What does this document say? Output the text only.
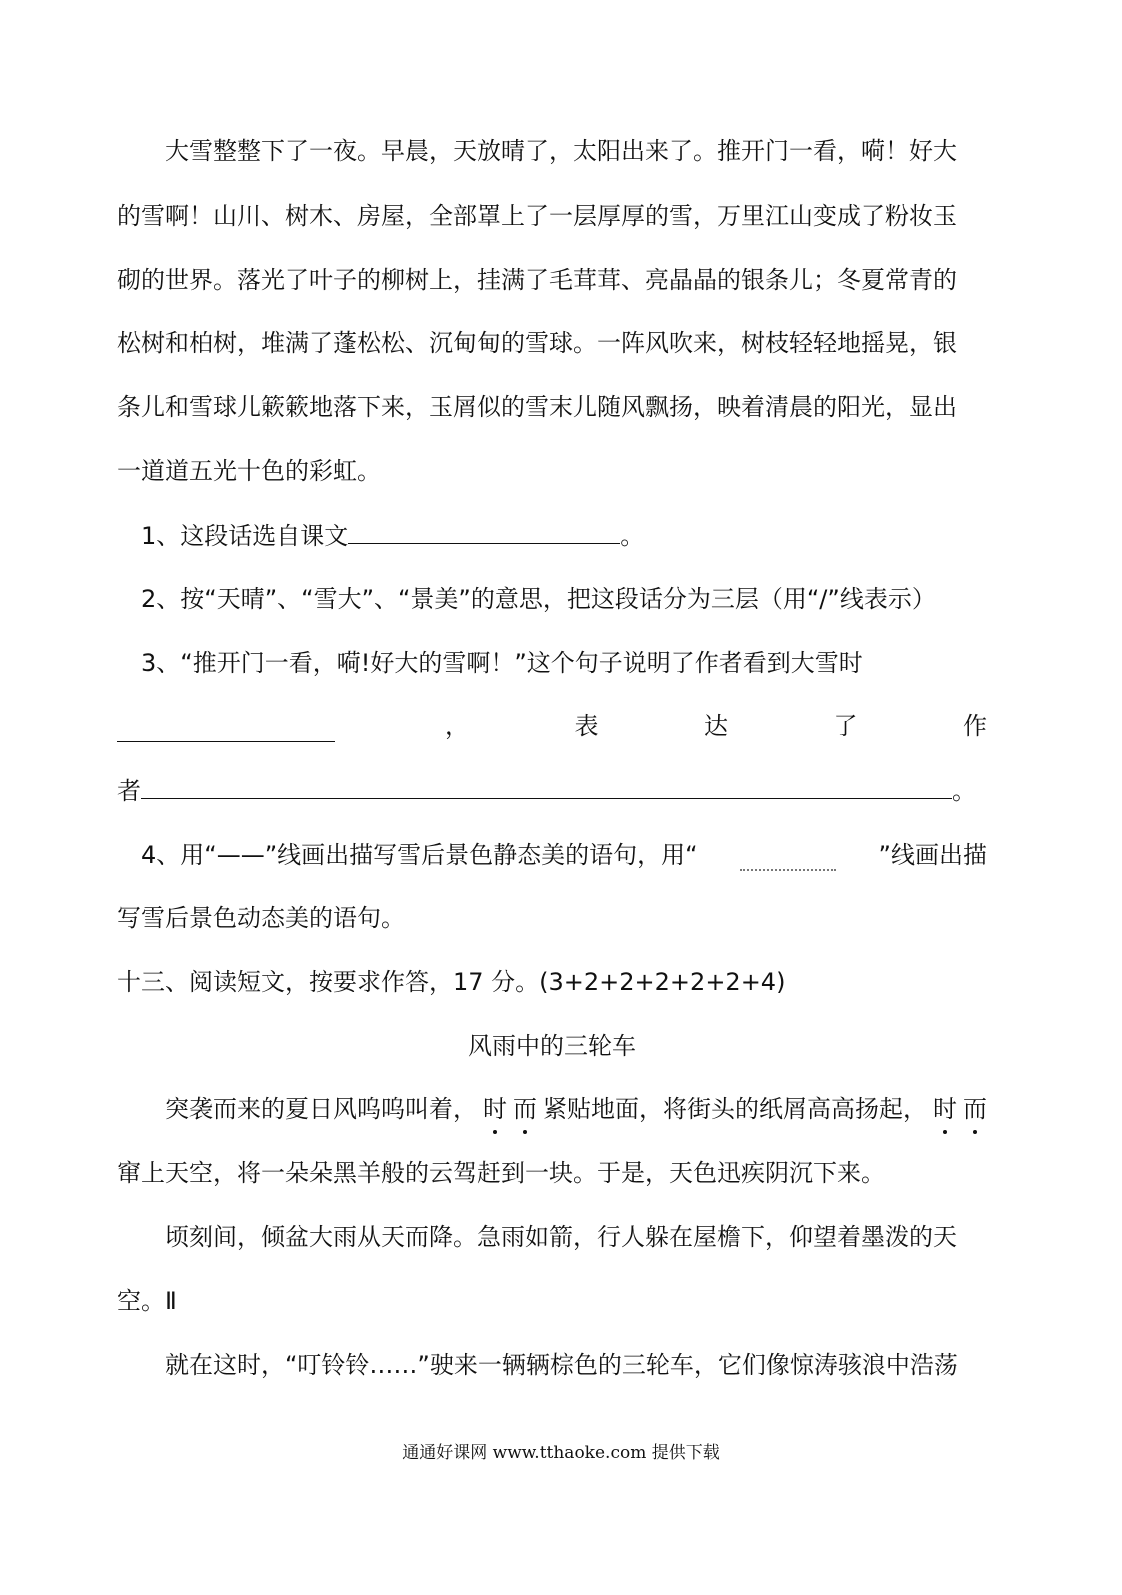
大雪整整下了一夜。早晨，天放晴了，太阳出来了。推开门一看，嗬！好大
的雪啊！山川、树木、房屋，全部罩上了一层厚厚的雪，万里江山变成了粉妆玉
砌的世界。落光了叶子的柳树上，挂满了毛茸茸、亮晶晶的银条儿；冬夏常青的
松树和柏树，堆满了蓬松松、沉甸甸的雪球。一阵风吹来，树枝轻轻地摇晃，银
条儿和雪球儿簌簌地落下来，玉屑似的雪末儿随风飘扬，映着清晨的阳光，显出
一道道五光十色的彩虹。
1、这段话选自课文	。
2、按“天晴”、“雪大”、“景美”的意思，把这段话分为三层（用“/”线表示）
3、“推开门一看，嗬!好大的雪啊！”这个句子说明了作者看到大雪时
，	表	达	了	作
者	。
4、用“——”线画出描写雪后景色静态美的语句，用“	”线画出描
写雪后景色动态美的语句。
十三、阅读短文，按要求作答，17 分。(3+2+2+2+2+2+4)
风雨中的三轮车
突袭而来的夏日风呜呜叫着， 时 而 紧贴地面，将街头的纸屑高高扬起， 时 而
窜上天空，将一朵朵黑羊般的云驾赶到一块。于是，天色迅疾阴沉下来。
顷刻间，倾盆大雨从天而降。急雨如箭，行人躲在屋檐下，仰望着墨泼的天
空。Ⅱ
就在这时，“叮铃铃……”驶来一辆辆棕色的三轮车，它们像惊涛骇浪中浩荡
通通好课网 www.tthaoke.com 提供下载
